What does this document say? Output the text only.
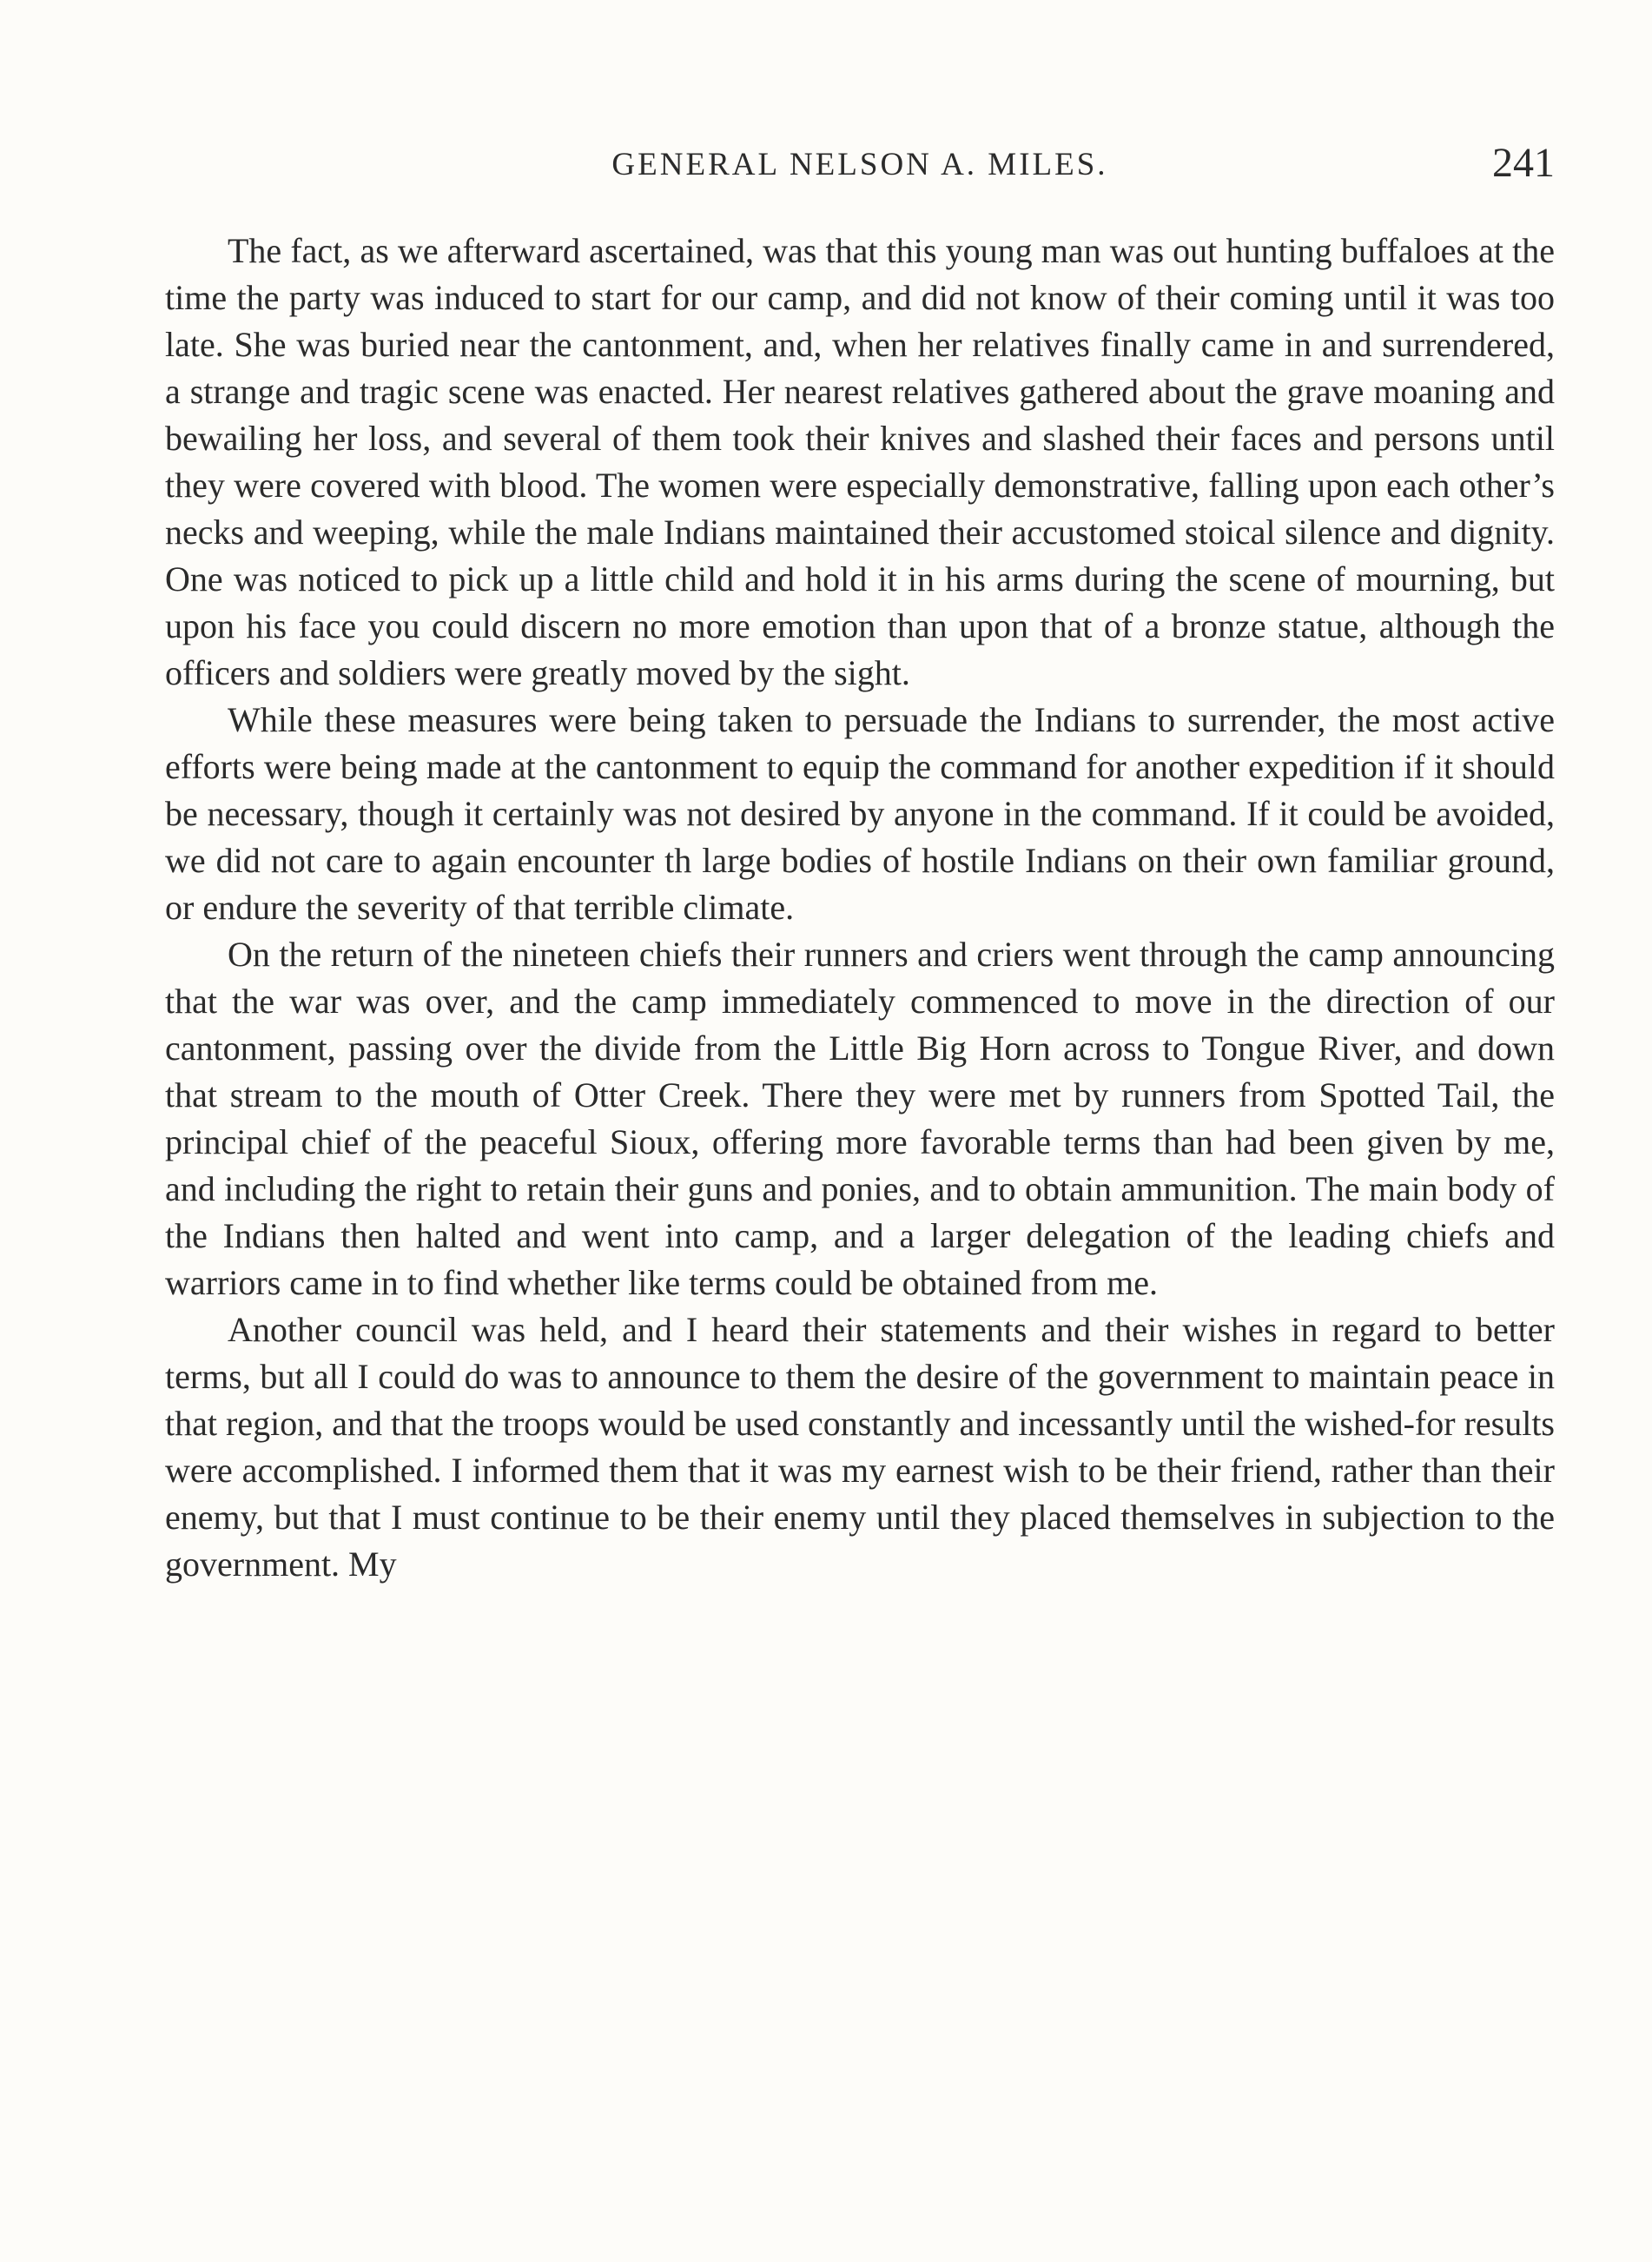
GENERAL NELSON A. MILES.	241

The fact, as we afterward ascertained, was that this young man was out hunting buffaloes at the time the party was induced to start for our camp, and did not know of their coming until it was too late. She was buried near the cantonment, and, when her relatives finally came in and surrendered, a strange and tragic scene was enacted. Her nearest relatives gathered about the grave moaning and bewailing her loss, and several of them took their knives and slashed their faces and persons until they were covered with blood. The women were especially demonstrative, falling upon each other’s necks and weeping, while the male Indians maintained their accustomed stoical silence and dignity. One was noticed to pick up a little child and hold it in his arms during the scene of mourning, but upon his face you could discern no more emotion than upon that of a bronze statue, although the officers and soldiers were greatly moved by the sight.

While these measures were being taken to persuade the Indians to surrender, the most active efforts were being made at the cantonment to equip the command for another expedition if it should be necessary, though it certainly was not desired by anyone in the command. If it could be avoided, we did not care to again encounter th large bodies of hostile Indians on their own familiar ground, or endure the severity of that terrible climate.

On the return of the nineteen chiefs their runners and criers went through the camp announcing that the war was over, and the camp immediately commenced to move in the direction of our cantonment, passing over the divide from the Little Big Horn across to Tongue River, and down that stream to the mouth of Otter Creek. There they were met by runners from Spotted Tail, the principal chief of the peaceful Sioux, offering more favorable terms than had been given by me, and including the right to retain their guns and ponies, and to obtain ammunition. The main body of the Indians then halted and went into camp, and a larger delegation of the leading chiefs and warriors came in to find whether like terms could be obtained from me.

Another council was held, and I heard their statements and their wishes in regard to better terms, but all I could do was to announce to them the desire of the government to maintain peace in that region, and that the troops would be used constantly and incessantly until the wished-for results were accomplished. I informed them that it was my earnest wish to be their friend, rather than their enemy, but that I must continue to be their enemy until they placed themselves in subjection to the government. My
